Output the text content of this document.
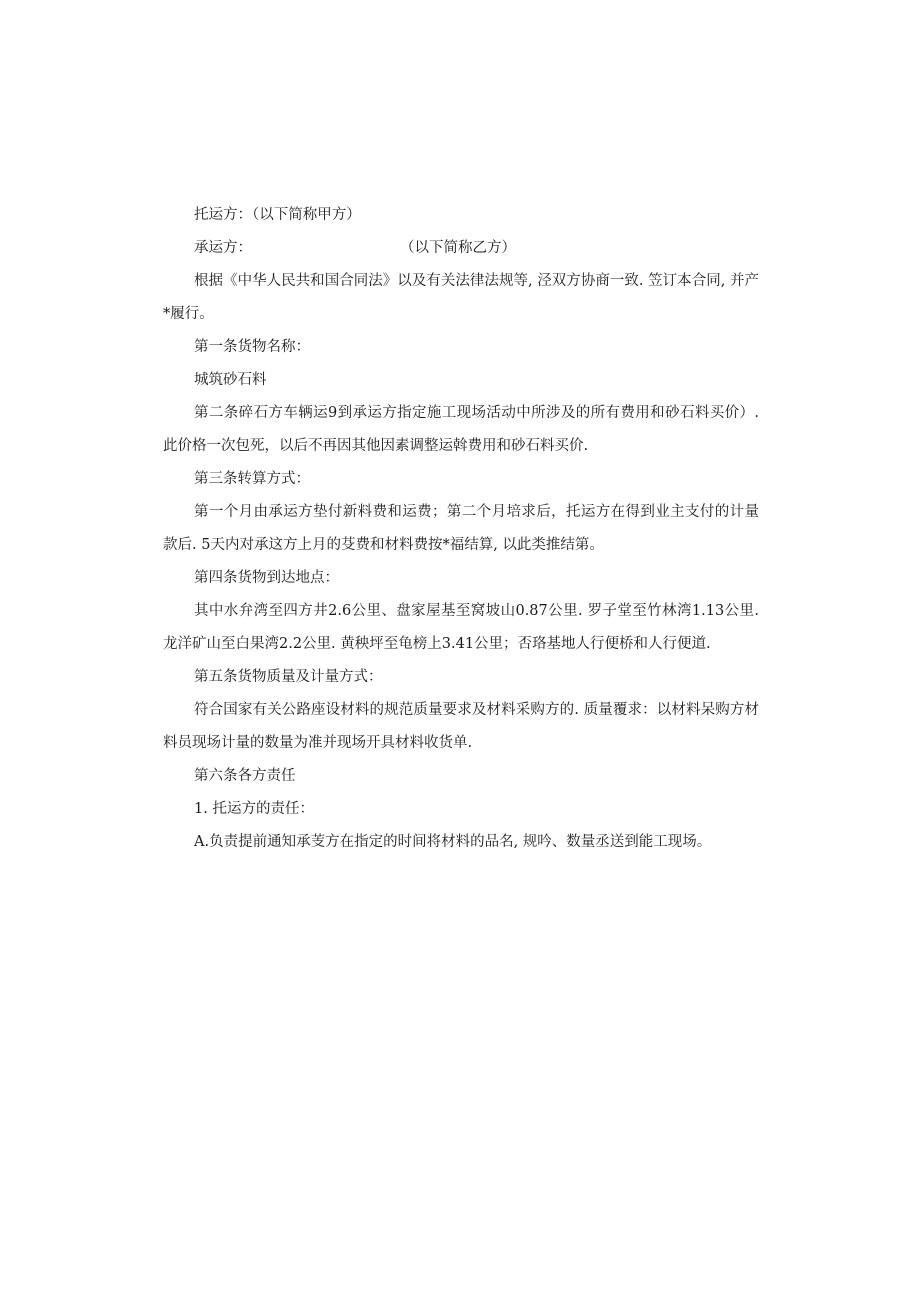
托运方：（以下简称甲方）

承运方：	（以下简称乙方）

根据《中华人民共和国合同法》以及有关法律法规等, 泾双方协商一致. 笠订本合同, 并产*履行。

第一条货物名称：

城筑砂石料

第二条碎石方车辆运9到承运方指定施工现场活动中所涉及的所有费用和砂石料买价）. 此价格一次包死，以后不再因其他因素调整运斡费用和砂石料买价.

第三条转算方式：

第一个月由承运方垫付新料费和运费；第二个月培求后，托运方在得到业主支付的计量款后. 5天内对承这方上月的芟费和材料费按*福结算, 以此类推结第。

第四条货物到达地点：

其中水弁湾至四方井2.6公里、盘家屋基至窝坡山0.87公里. 罗子堂至竹林湾1.13公里. 龙洋矿山至白果湾2.2公里. 黄秧坪至龟榜上3.41公里；否珞基地人行便桥和人行便道.

第五条货物质量及计量方式：

符合国家有关公路座设材料的规范质量要求及材料采购方的. 质量覆求：以材料呆购方材料员现场计量的数量为准并现场开具材料收货单.

第六条各方责任

1. 托运方的责任：

A.负责提前通知承芰方在指定的时间将材料的品名, 规吟、数量丞送到能工现场。
